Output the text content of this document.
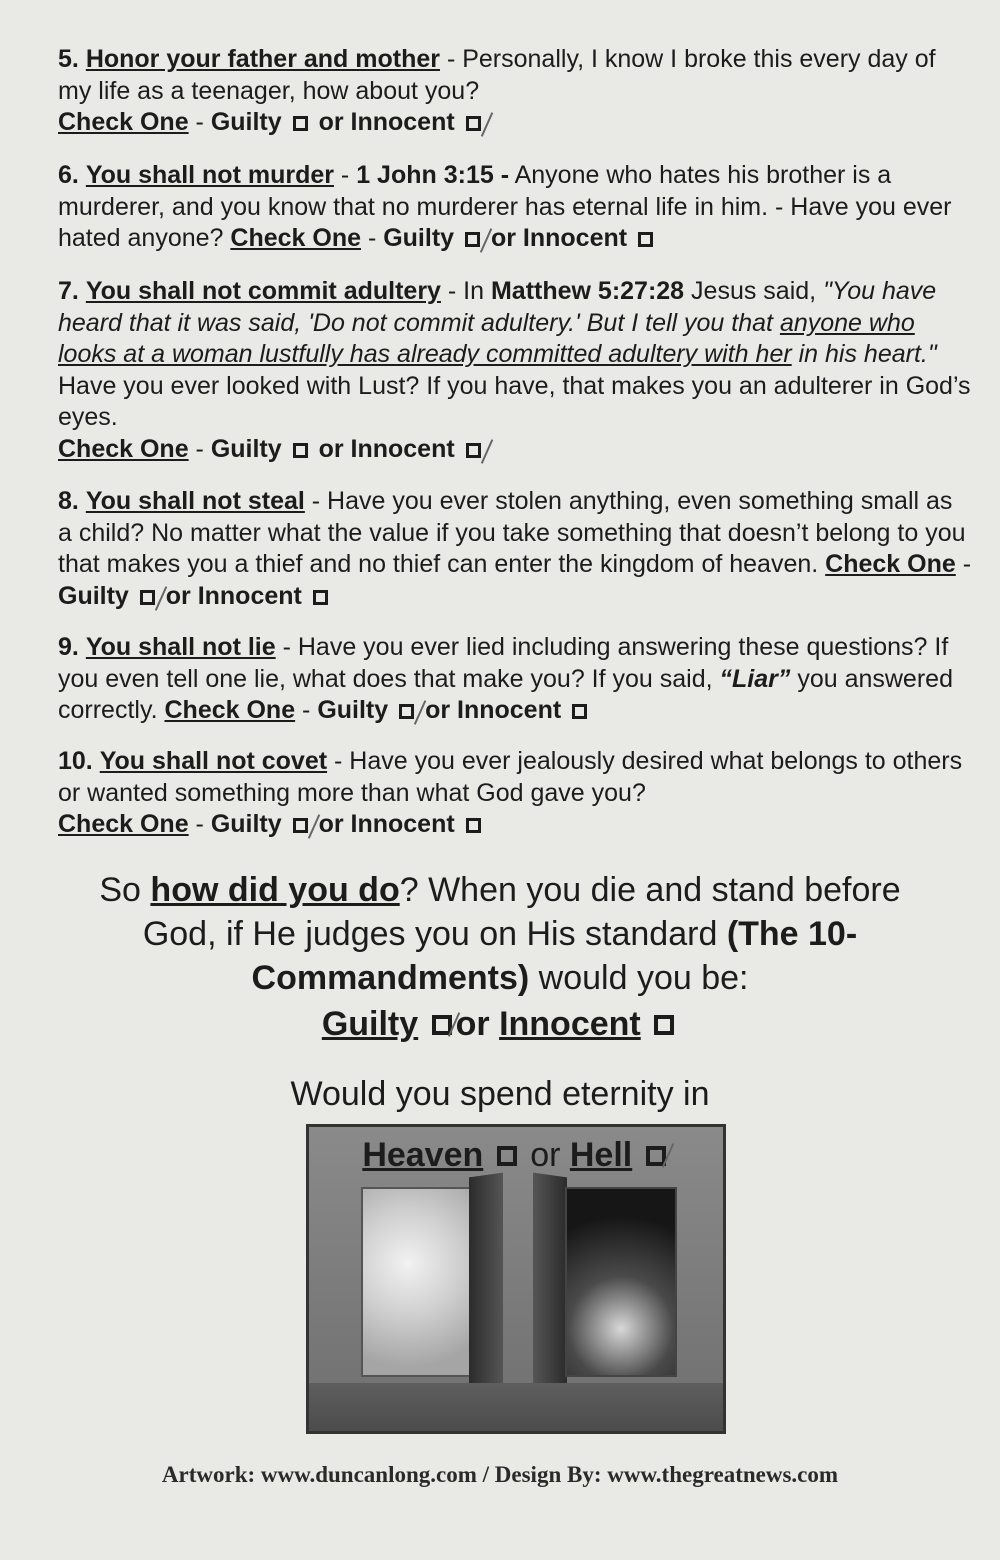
5. Honor your father and mother - Personally, I know I broke this every day of my life as a teenager, how about you?

Check One - Guilty or Innocent

6. You shall not murder - 1 John 3:15 - Anyone who hates his brother is a murderer, and you know that no murderer has eternal life in him. - Have you ever hated anyone? Check One - Guilty or Innocent

7. You shall not commit adultery - In Matthew 5:27:28 Jesus said, "You have heard that it was said, 'Do not commit adultery.' But I tell you that anyone who looks at a woman lustfully has already committed adultery with her in his heart." Have you ever looked with Lust? If you have, that makes you an adulterer in God’s eyes.

Check One - Guilty or Innocent

8. You shall not steal - Have you ever stolen anything, even something small as a child? No matter what the value if you take something that doesn’t belong to you that makes you a thief and no thief can enter the kingdom of heaven. Check One - Guilty or Innocent

9. You shall not lie - Have you ever lied including answering these questions? If you even tell one lie, what does that make you? If you said, “Liar” you answered correctly. Check One - Guilty or Innocent

10. You shall not covet - Have you ever jealously desired what belongs to others or wanted something more than what God gave you?

Check One - Guilty or Innocent

So how did you do? When you die and stand before God, if He judges you on His standard (The 10-Commandments) would you be:
Guilty or Innocent
Would you spend eternity in
Heaven or Hell
Artwork: www.duncanlong.com / Design By: www.thegreatnews.com
